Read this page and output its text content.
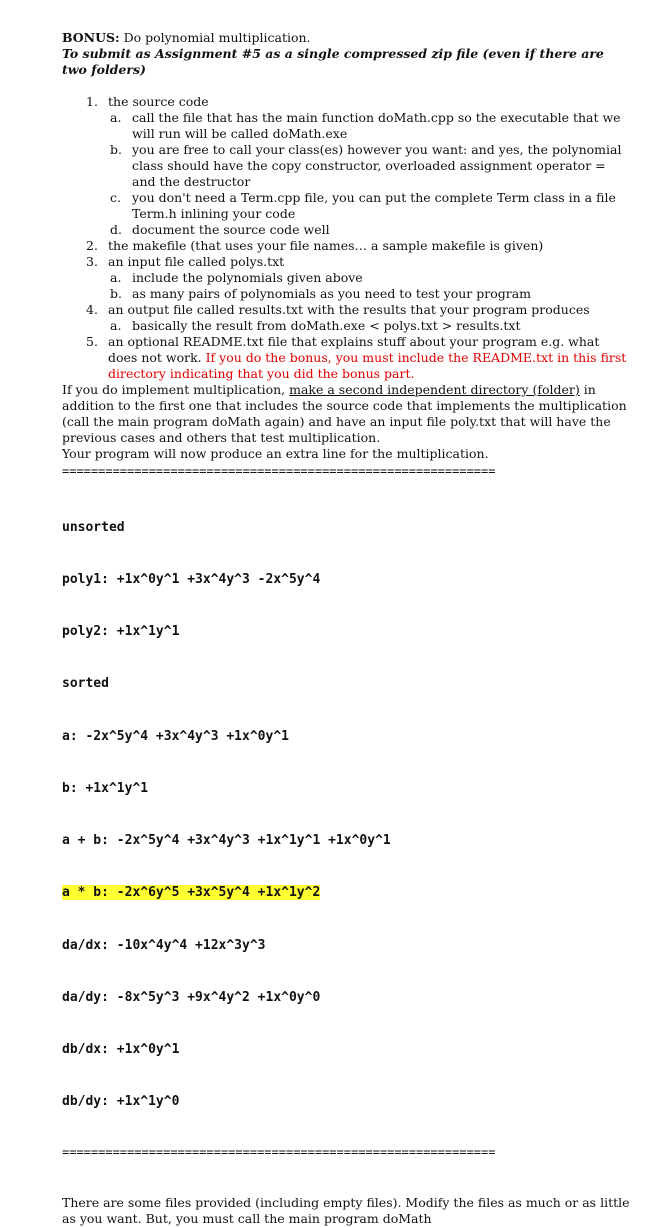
BONUS: Do polynomial multiplication.

To submit as Assignment #5 as a single compressed zip file (even if there are two folders)

1. the source code
a. call the file that has the main function doMath.cpp so the executable that we will run will be called doMath.exe
b. you are free to call your class(es) however you want: and yes, the polynomial class should have the copy constructor, overloaded assignment operator = and the destructor
c. you don't need a Term.cpp file, you can put the complete Term class in a file Term.h inlining your code
d. document the source code well
2. the makefile (that uses your file names… a sample makefile is given)
3. an input file called polys.txt
a. include the polynomials given above
b. as many pairs of polynomials as you need to test your program
4. an output file called results.txt with the results that your program produces
a. basically the result from doMath.exe < polys.txt > results.txt
5. an optional README.txt file that explains stuff about your program e.g. what does not work. If you do the bonus, you must include the README.txt in this first directory indicating that you did the bonus part.

If you do implement multiplication, make a second independent directory (folder) in addition to the first one that includes the source code that implements the multiplication (call the main program doMath again) and have an input file poly.txt that will have the previous cases and others that test multiplication.

Your program will now produce an extra line for the multiplication.

============================================================

unsorted

poly1: +1x^0y^1 +3x^4y^3 -2x^5y^4

poly2: +1x^1y^1

sorted

a: -2x^5y^4 +3x^4y^3 +1x^0y^1

b: +1x^1y^1

a + b: -2x^5y^4 +3x^4y^3 +1x^1y^1 +1x^0y^1

a * b: -2x^6y^5 +3x^5y^4 +1x^1y^2

da/dx: -10x^4y^4 +12x^3y^3

da/dy: -8x^5y^3 +9x^4y^2 +1x^0y^0

db/dx: +1x^0y^1

db/dy: +1x^1y^0

============================================================

There are some files provided (including empty files). Modify the files as much or as little as you want. But, you must call the main program doMath
